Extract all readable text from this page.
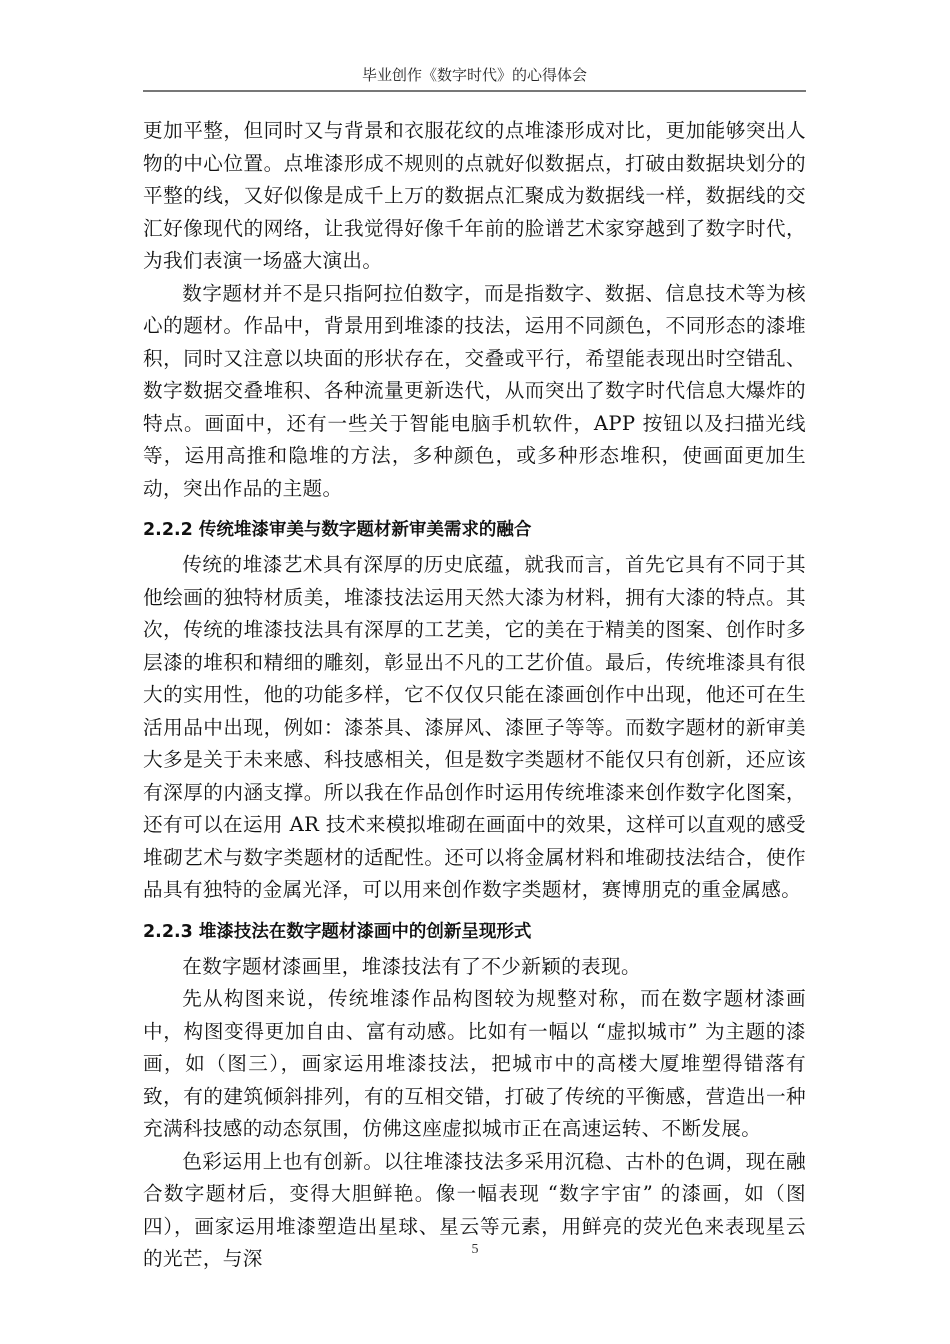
毕业创作《数字时代》的心得体会

更加平整，但同时又与背景和衣服花纹的点堆漆形成对比，更加能够突出人物的中心位置。点堆漆形成不规则的点就好似数据点，打破由数据块划分的平整的线，又好似像是成千上万的数据点汇聚成为数据线一样，数据线的交汇好像现代的网络，让我觉得好像千年前的脸谱艺术家穿越到了数字时代，为我们表演一场盛大演出。

数字题材并不是只指阿拉伯数字，而是指数字、数据、信息技术等为核心的题材。作品中，背景用到堆漆的技法，运用不同颜色，不同形态的漆堆积，同时又注意以块面的形状存在，交叠或平行，希望能表现出时空错乱、数字数据交叠堆积、各种流量更新迭代，从而突出了数字时代信息大爆炸的特点。画面中，还有一些关于智能电脑手机软件，APP 按钮以及扫描光线等，运用高推和隐堆的方法，多种颜色，或多种形态堆积，使画面更加生动，突出作品的主题。

2.2.2 传统堆漆审美与数字题材新审美需求的融合

传统的堆漆艺术具有深厚的历史底蕴，就我而言，首先它具有不同于其他绘画的独特材质美，堆漆技法运用天然大漆为材料，拥有大漆的特点。其次，传统的堆漆技法具有深厚的工艺美，它的美在于精美的图案、创作时多层漆的堆积和精细的雕刻，彰显出不凡的工艺价值。最后，传统堆漆具有很大的实用性，他的功能多样，它不仅仅只能在漆画创作中出现，他还可在生活用品中出现，例如：漆茶具、漆屏风、漆匣子等等。而数字题材的新审美大多是关于未来感、科技感相关，但是数字类题材不能仅只有创新，还应该有深厚的内涵支撑。所以我在作品创作时运用传统堆漆来创作数字化图案，还有可以在运用 AR 技术来模拟堆砌在画面中的效果，这样可以直观的感受堆砌艺术与数字类题材的适配性。还可以将金属材料和堆砌技法结合，使作品具有独特的金属光泽，可以用来创作数字类题材，赛博朋克的重金属感。

2.2.3 堆漆技法在数字题材漆画中的创新呈现形式

在数字题材漆画里，堆漆技法有了不少新颖的表现。

先从构图来说，传统堆漆作品构图较为规整对称，而在数字题材漆画中，构图变得更加自由、富有动感。比如有一幅以 “虚拟城市” 为主题的漆画，如（图三），画家运用堆漆技法，把城市中的高楼大厦堆塑得错落有致，有的建筑倾斜排列，有的互相交错，打破了传统的平衡感，营造出一种充满科技感的动态氛围，仿佛这座虚拟城市正在高速运转、不断发展。

色彩运用上也有创新。以往堆漆技法多采用沉稳、古朴的色调，现在融合数字题材后，变得大胆鲜艳。像一幅表现 “数字宇宙” 的漆画，如（图四），画家运用堆漆塑造出星球、星云等元素，用鲜亮的荧光色来表现星云的光芒，与深	5
